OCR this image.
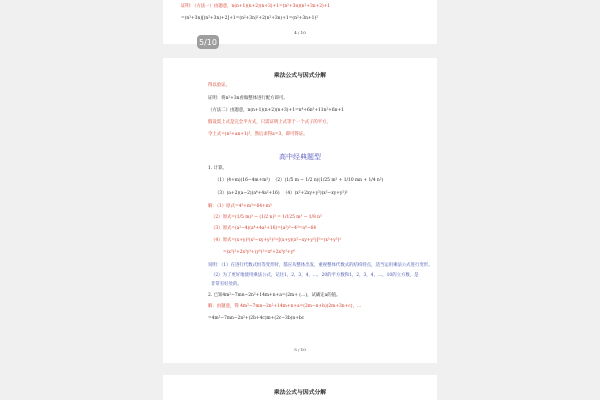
证明：（方法一）由题意，n(n+1)(n+2)(n+3)+1=(n²+3n)(n²+3n+2)+1
=(n²+3n)[(n²+3n)+2]+1=(n²+3n)²+2(n²+3n)+1=(n²+3n+1)²
4 / 10
5/10
乘法公式与因式分解
得以验证。
证明：将n²+3n看做整体进行配方即可。
（方法二）由题意，n(n+1)(n+2)(n+3)+1=n⁴+6n³+11n²+6n+1
假设需上式是完全平方式，只需证明上式等于一个式子的平方，
令上式=(n²+an+1)²，然后求得a=3，即可得证。
高中经典题型
1. 计算。
（1）(4+m)(16−4m+m²) （2）(1/5 m − 1/2 n)(1/25 m² + 1/10 mn + 1/4 n²)
（3）(a+2)(a−2)(a⁴+4a²+16) （4）(x²+2xy+y²)(x²−xy+y²)²
解：（1）原式=4³+m³=64+m³
（2）原式=(1/5 m)³ − (1/2 n)³ = 1/125 m³ − 1/8 n³
（3）原式=(a²−4)(a⁴+4a²+16)=(a²)³−4³=a⁶−64
（4）原式=(x+y)²(x²−xy+y²)²=[(x+y)(x²−xy+y²)]²=(x³+y³)²
=(x³)²+2x³y³+(y³)²=x⁶+2x³y³+y⁶
说明：（1）在进行代数式恒等变形时，都应从整体出发，重视整体代数式的结构特点，适当运用乘法公式进行变形。
（2）为了更好地使用乘法公式，记住1，2，3，4，…，20的平方数和1，2，3，4，…，10的立方数，是
非常有好处的。
2. 已知4m²−7mn−2n²+14m+n+a=(2m+ (…)，试确定a的值。
解：由题意，得 4m²−7mn−2n²+14m+n+a=(2m−n+b)(2m+3n+c)，…
=4m²−7mn−2n²+(2b+4c)m+(2c−3b)n+bc
5 / 10
乘法公式与因式分解
